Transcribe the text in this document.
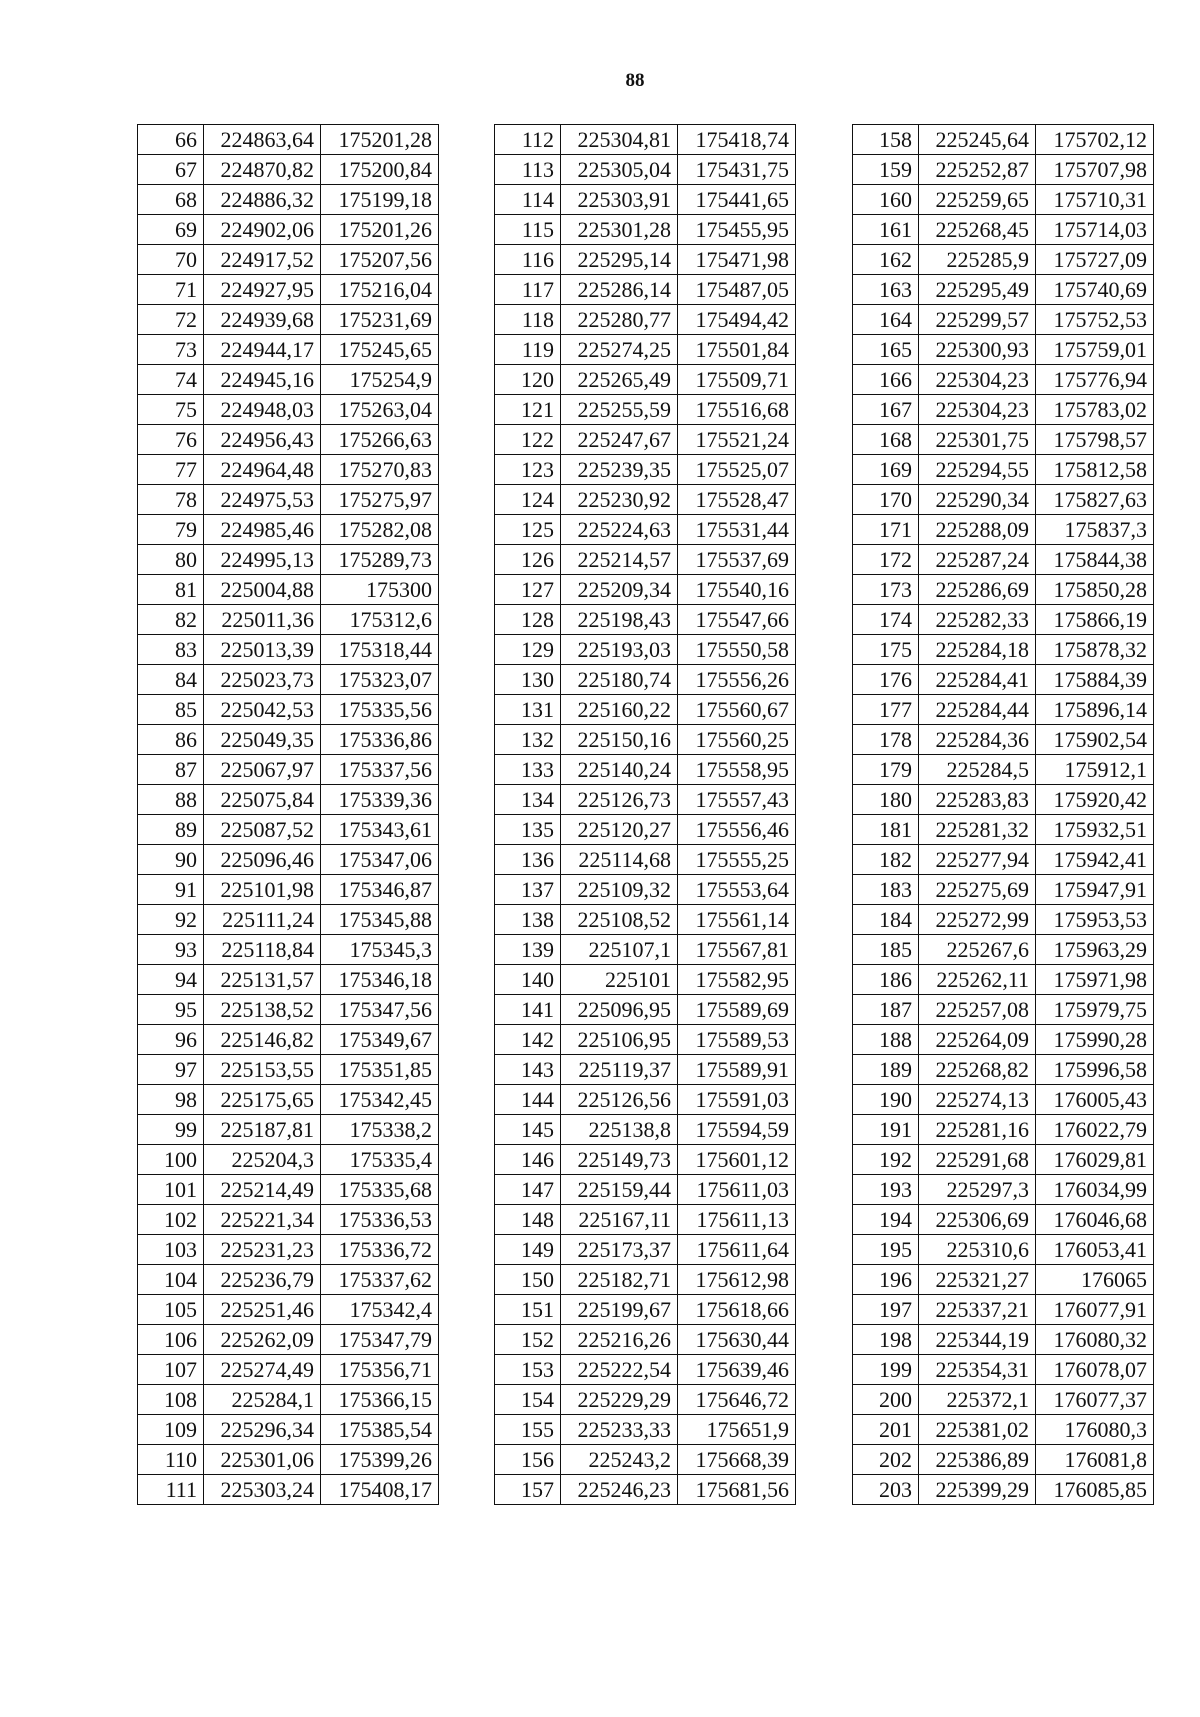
88
66	224863,64	175201,28
67	224870,82	175200,84
68	224886,32	175199,18
69	224902,06	175201,26
70	224917,52	175207,56
71	224927,95	175216,04
72	224939,68	175231,69
73	224944,17	175245,65
74	224945,16	175254,9
75	224948,03	175263,04
76	224956,43	175266,63
77	224964,48	175270,83
78	224975,53	175275,97
79	224985,46	175282,08
80	224995,13	175289,73
81	225004,88	175300
82	225011,36	175312,6
83	225013,39	175318,44
84	225023,73	175323,07
85	225042,53	175335,56
86	225049,35	175336,86
87	225067,97	175337,56
88	225075,84	175339,36
89	225087,52	175343,61
90	225096,46	175347,06
91	225101,98	175346,87
92	225111,24	175345,88
93	225118,84	175345,3
94	225131,57	175346,18
95	225138,52	175347,56
96	225146,82	175349,67
97	225153,55	175351,85
98	225175,65	175342,45
99	225187,81	175338,2
100	225204,3	175335,4
101	225214,49	175335,68
102	225221,34	175336,53
103	225231,23	175336,72
104	225236,79	175337,62
105	225251,46	175342,4
106	225262,09	175347,79
107	225274,49	175356,71
108	225284,1	175366,15
109	225296,34	175385,54
110	225301,06	175399,26
111	225303,24	175408,17
112	225304,81	175418,74
113	225305,04	175431,75
114	225303,91	175441,65
115	225301,28	175455,95
116	225295,14	175471,98
117	225286,14	175487,05
118	225280,77	175494,42
119	225274,25	175501,84
120	225265,49	175509,71
121	225255,59	175516,68
122	225247,67	175521,24
123	225239,35	175525,07
124	225230,92	175528,47
125	225224,63	175531,44
126	225214,57	175537,69
127	225209,34	175540,16
128	225198,43	175547,66
129	225193,03	175550,58
130	225180,74	175556,26
131	225160,22	175560,67
132	225150,16	175560,25
133	225140,24	175558,95
134	225126,73	175557,43
135	225120,27	175556,46
136	225114,68	175555,25
137	225109,32	175553,64
138	225108,52	175561,14
139	225107,1	175567,81
140	225101	175582,95
141	225096,95	175589,69
142	225106,95	175589,53
143	225119,37	175589,91
144	225126,56	175591,03
145	225138,8	175594,59
146	225149,73	175601,12
147	225159,44	175611,03
148	225167,11	175611,13
149	225173,37	175611,64
150	225182,71	175612,98
151	225199,67	175618,66
152	225216,26	175630,44
153	225222,54	175639,46
154	225229,29	175646,72
155	225233,33	175651,9
156	225243,2	175668,39
157	225246,23	175681,56
158	225245,64	175702,12
159	225252,87	175707,98
160	225259,65	175710,31
161	225268,45	175714,03
162	225285,9	175727,09
163	225295,49	175740,69
164	225299,57	175752,53
165	225300,93	175759,01
166	225304,23	175776,94
167	225304,23	175783,02
168	225301,75	175798,57
169	225294,55	175812,58
170	225290,34	175827,63
171	225288,09	175837,3
172	225287,24	175844,38
173	225286,69	175850,28
174	225282,33	175866,19
175	225284,18	175878,32
176	225284,41	175884,39
177	225284,44	175896,14
178	225284,36	175902,54
179	225284,5	175912,1
180	225283,83	175920,42
181	225281,32	175932,51
182	225277,94	175942,41
183	225275,69	175947,91
184	225272,99	175953,53
185	225267,6	175963,29
186	225262,11	175971,98
187	225257,08	175979,75
188	225264,09	175990,28
189	225268,82	175996,58
190	225274,13	176005,43
191	225281,16	176022,79
192	225291,68	176029,81
193	225297,3	176034,99
194	225306,69	176046,68
195	225310,6	176053,41
196	225321,27	176065
197	225337,21	176077,91
198	225344,19	176080,32
199	225354,31	176078,07
200	225372,1	176077,37
201	225381,02	176080,3
202	225386,89	176081,8
203	225399,29	176085,85
